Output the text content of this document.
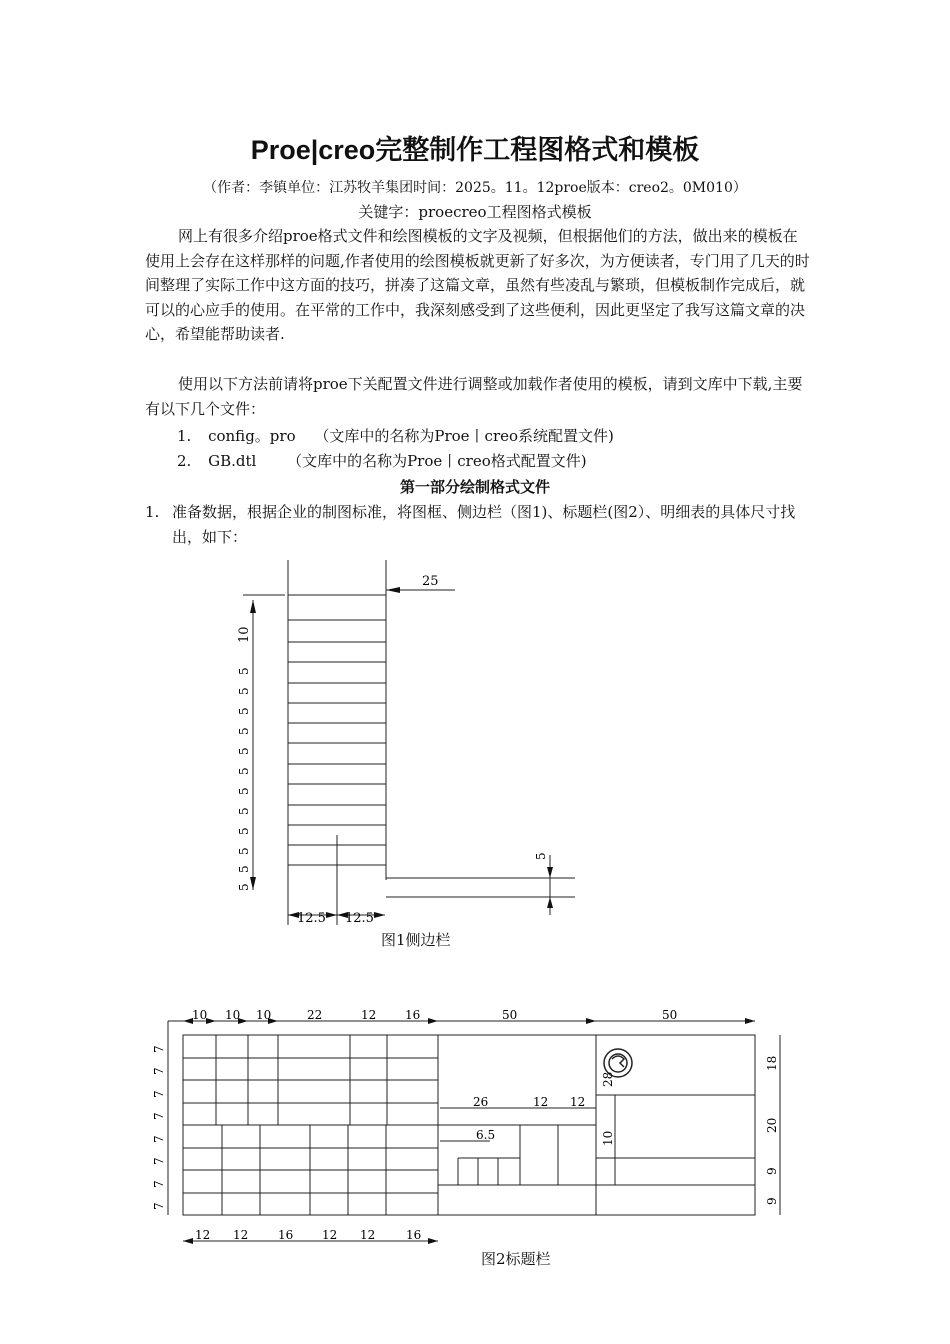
Proe|creo完整制作工程图格式和模板
（作者：李镇单位：江苏牧羊集团时间：2025。11。12proe版本：creo2。0M010）
关键字：proecreo工程图格式模板

网上有很多介绍proe格式文件和绘图模板的文字及视频，但根据他们的方法，做出来的模板在使用上会存在这样那样的问题,作者使用的绘图模板就更新了好多次，为方便读者，专门用了几天的时间整理了实际工作中这方面的技巧，拼凑了这篇文章，虽然有些凌乱与繁琐，但模板制作完成后，就可以的心应手的使用。在平常的工作中，我深刻感受到了这些便利，因此更坚定了我写这篇文章的决心，希望能帮助读者.

使用以下方法前请将proe下关配置文件进行调整或加载作者使用的模板，请到文库中下载,主要有以下几个文件：

1. config。pro （文库中的名称为Proe丨creo系统配置文件)
2. GB.dtl （文库中的名称为Proe丨creo格式配置文件)
第一部分绘制格式文件
1. 准备数据，根据企业的制图标准，将图框、侧边栏（图1)、标题栏(图2）、明细表的具体尺寸找出，如下：
25
10
5
5
5
5
5
5
5
5
5
5
5
5
12.5 12.5
5
图1侧边栏
10 10 10	22	12 16	50	50
12 12 16 12 12	16
7
7
7
7
7
7
7
7
26	12 12
6.5
28
10
18
20
9
9
图2标题栏
